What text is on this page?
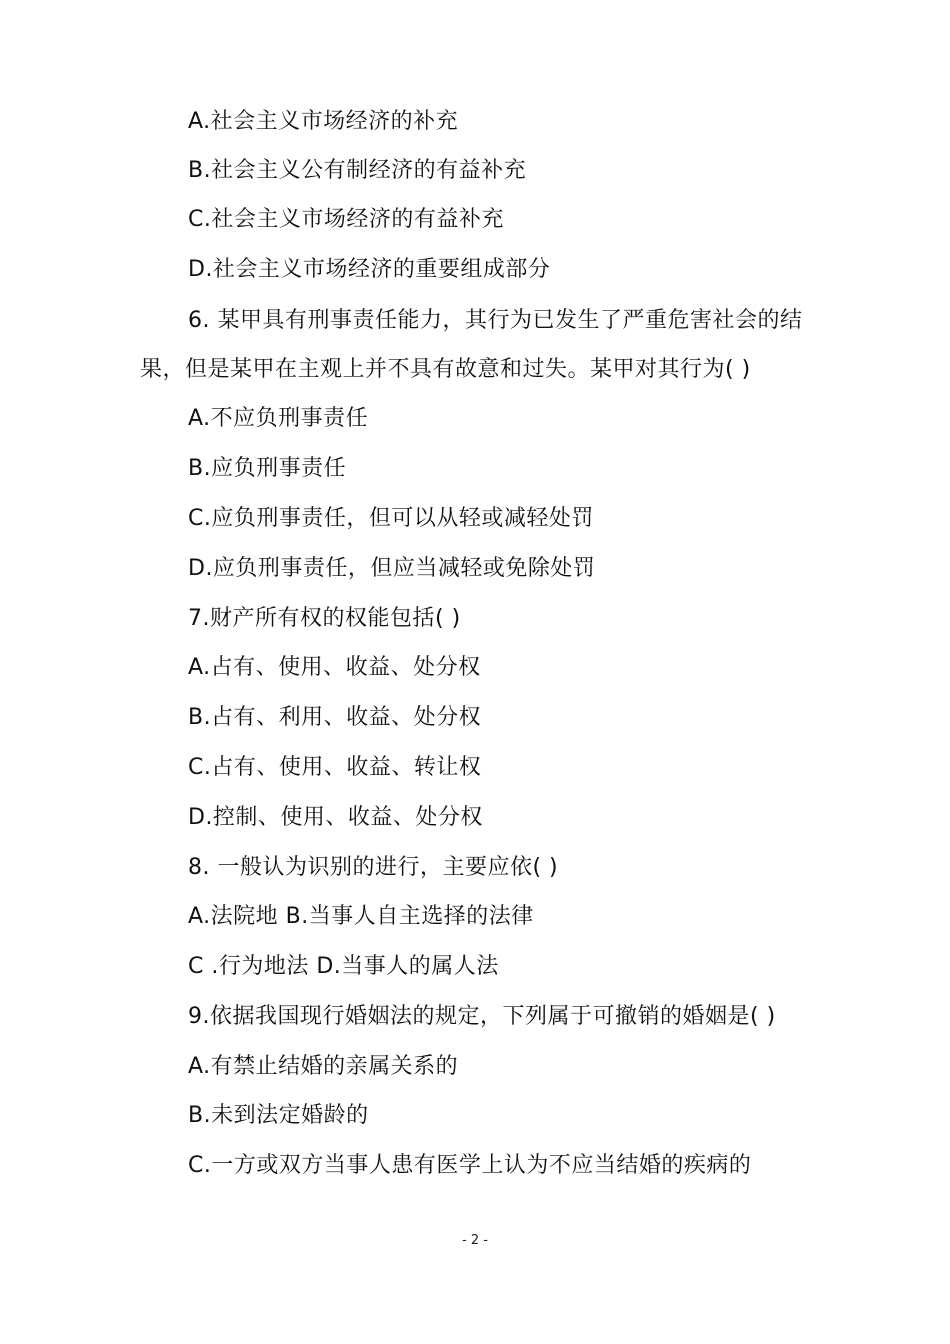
A.社会主义市场经济的补充
B.社会主义公有制经济的有益补充
C.社会主义市场经济的有益补充
D.社会主义市场经济的重要组成部分
6. 某甲具有刑事责任能力，其行为已发生了严重危害社会的结
果，但是某甲在主观上并不具有故意和过失。某甲对其行为( )
A.不应负刑事责任
B.应负刑事责任
C.应负刑事责任，但可以从轻或减轻处罚
D.应负刑事责任，但应当减轻或免除处罚
7.财产所有权的权能包括( )
A.占有、使用、收益、处分权
B.占有、利用、收益、处分权
C.占有、使用、收益、转让权
D.控制、使用、收益、处分权
8. 一般认为识别的进行，主要应依( )
A.法院地 B.当事人自主选择的法律
C .行为地法 D.当事人的属人法
9.依据我国现行婚姻法的规定，下列属于可撤销的婚姻是( )
A.有禁止结婚的亲属关系的
B.未到法定婚龄的
C.一方或双方当事人患有医学上认为不应当结婚的疾病的
- 2 -
